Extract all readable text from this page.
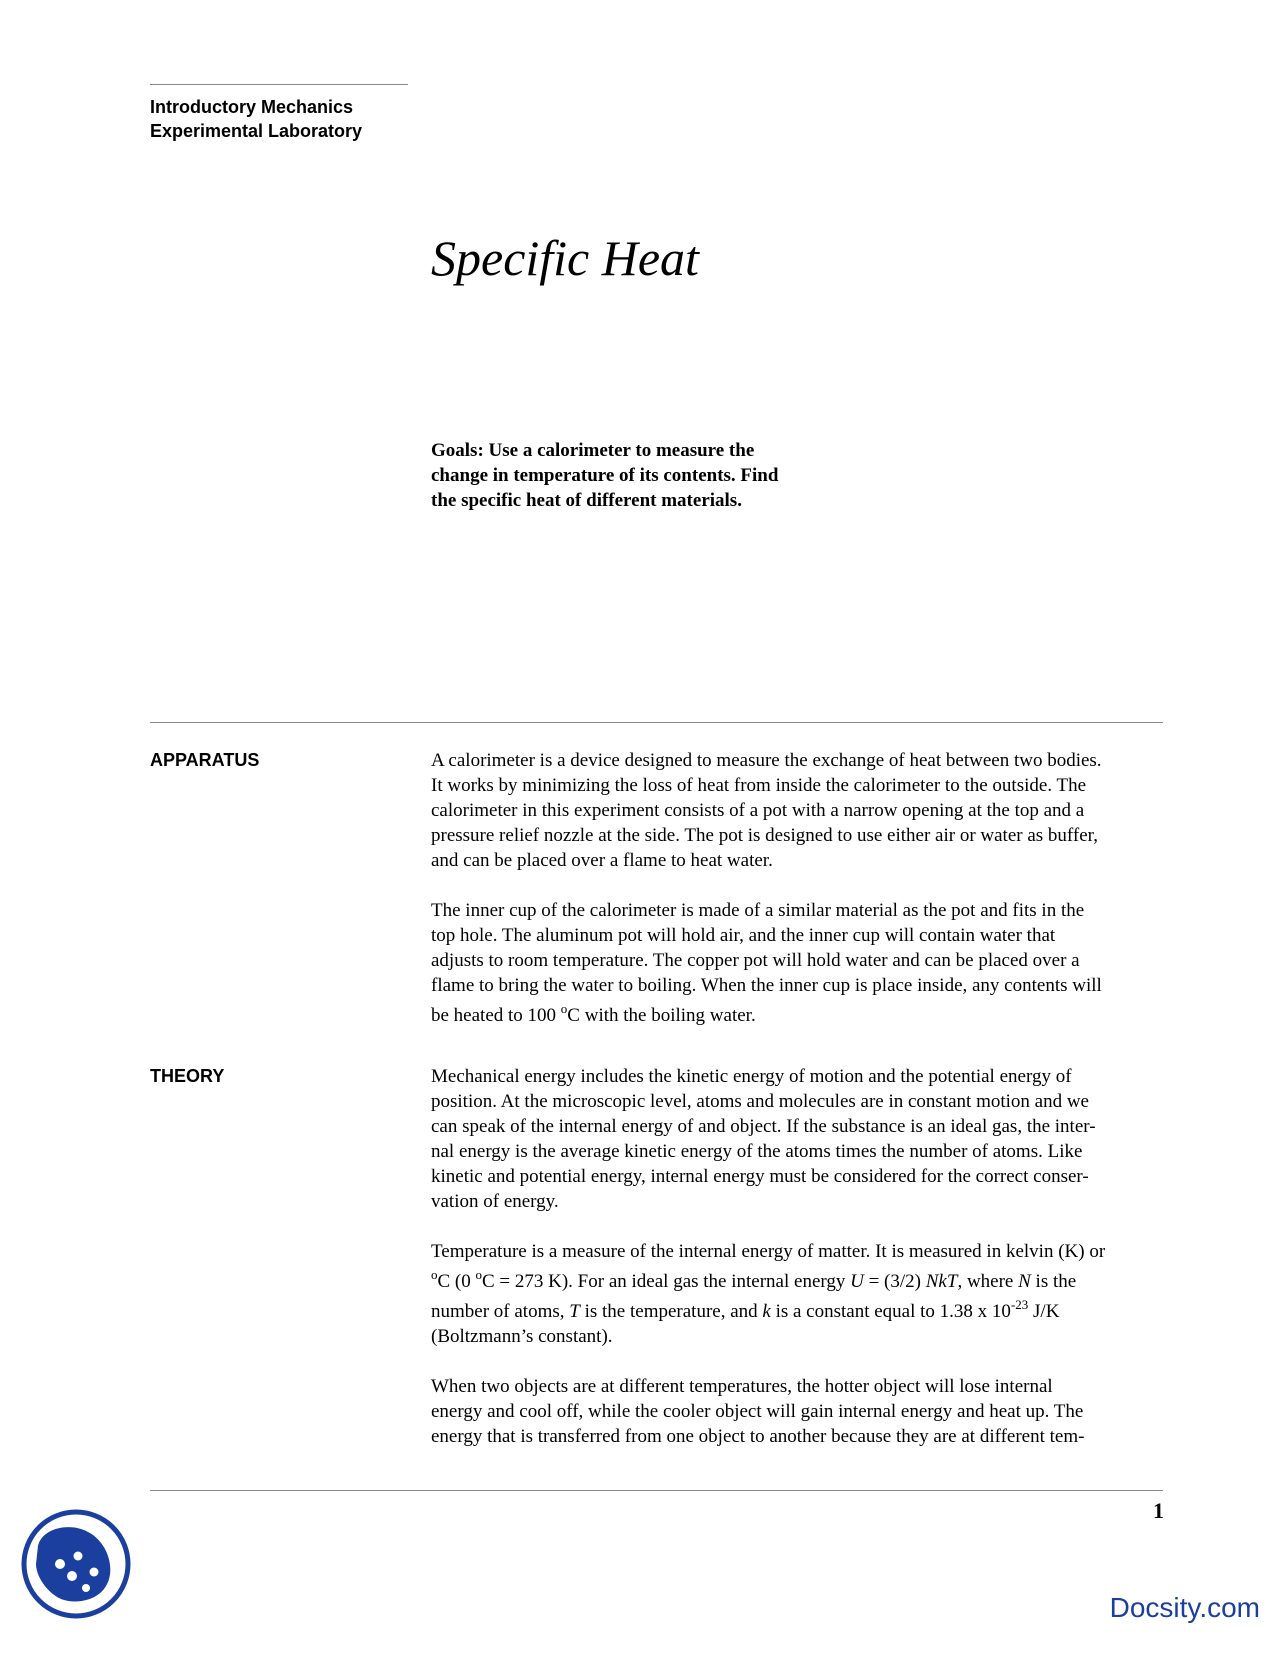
Introductory Mechanics
Experimental Laboratory
Specific Heat
Goals: Use a calorimeter to measure the
change in temperature of its contents. Find
the specific heat of different materials.
APPARATUS	A calorimeter is a device designed to measure the exchange of heat between two bodies.
It works by minimizing the loss of heat from inside the calorimeter to the outside. The
calorimeter in this experiment consists of a pot with a narrow opening at the top and a
pressure relief nozzle at the side. The pot is designed to use either air or water as buffer,
and can be placed over a flame to heat water.
The inner cup of the calorimeter is made of a similar material as the pot and fits in the
top hole. The aluminum pot will hold air, and the inner cup will contain water that
adjusts to room temperature. The copper pot will hold water and can be placed over a
flame to bring the water to boiling. When the inner cup is place inside, any contents will
be heated to 100 $^o$C with the boiling water.
THEORY	Mechanical energy includes the kinetic energy of motion and the potential energy of
position. At the microscopic level, atoms and molecules are in constant motion and we
can speak of the internal energy of and object. If the substance is an ideal gas, the inter-
nal energy is the average kinetic energy of the atoms times the number of atoms. Like
kinetic and potential energy, internal energy must be considered for the correct conser-
vation of energy.
Temperature is a measure of the internal energy of matter. It is measured in kelvin (K) or
$^o$C (0 $^o$C = 273 K). For an ideal gas the internal energy U = (3/2) NkT, where N is the
number of atoms, T is the temperature, and k is a constant equal to 1.38 x $10^{-23}$ J/K
(Boltzmann’s constant).
When two objects are at different temperatures, the hotter object will lose internal
energy and cool off, while the cooler object will gain internal energy and heat up. The
energy that is transferred from one object to another because they are at different tem-
1
Docsity.com
